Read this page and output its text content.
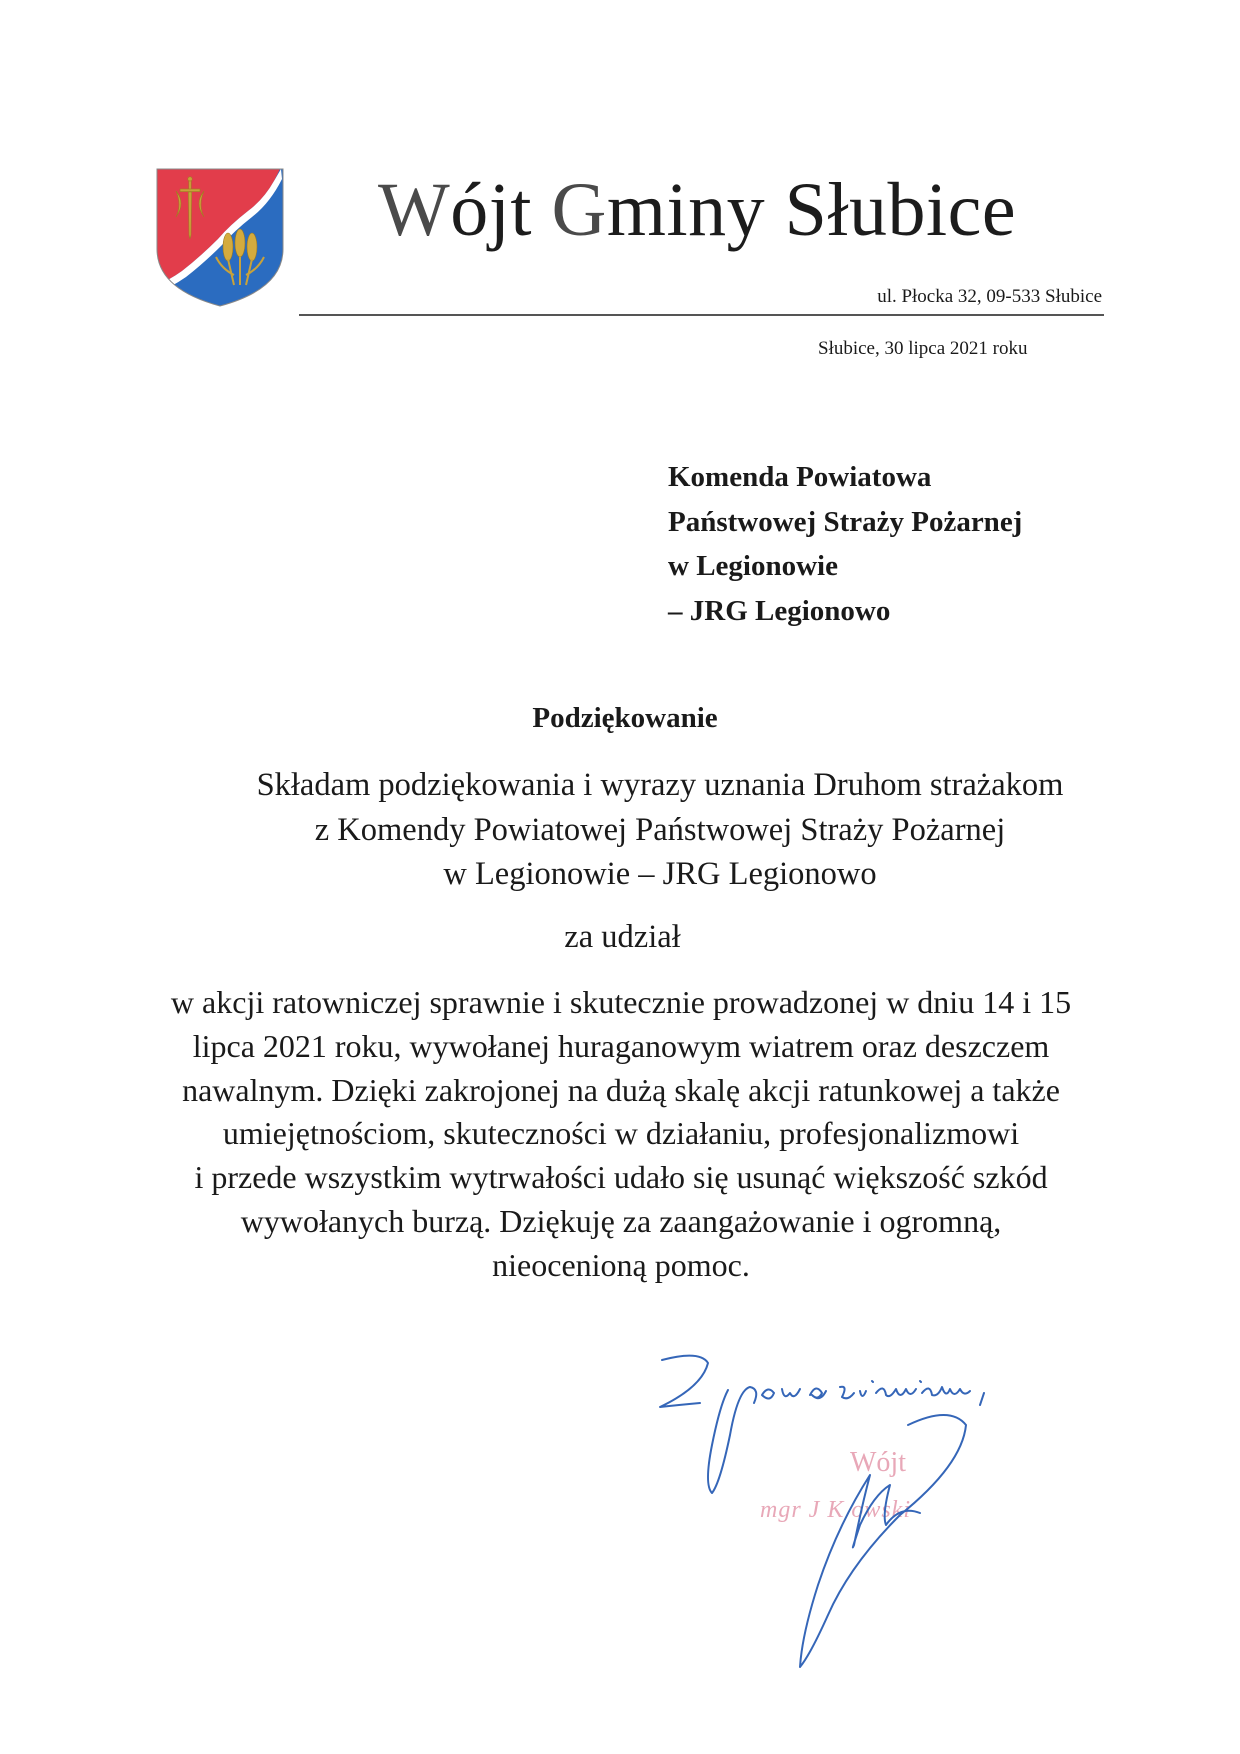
Wójt Gminy Słubice
ul. Płocka 32, 09-533 Słubice
Słubice, 30 lipca 2021 roku
Komenda Powiatowa
Państwowej Straży Pożarnej
w Legionowie
– JRG Legionowo
Podziękowanie
Składam podziękowania i wyrazy uznania Druhom strażakom
z Komendy Powiatowej Państwowej Straży Pożarnej
w Legionowie – JRG Legionowo
za udział
w akcji ratowniczej sprawnie i skutecznie prowadzonej w dniu 14 i 15
lipca 2021 roku, wywołanej huraganowym wiatrem oraz deszczem
nawalnym. Dzięki zakrojonej na dużą skalę akcji ratunkowej a także
umiejętnościom, skuteczności w działaniu, profesjonalizmowi
i przede wszystkim wytrwałości udało się usunąć większość szkód
wywołanych burzą. Dziękuję za zaangażowanie i ogromną,
nieocenioną pomoc.
Wójt
mgr J K owski
